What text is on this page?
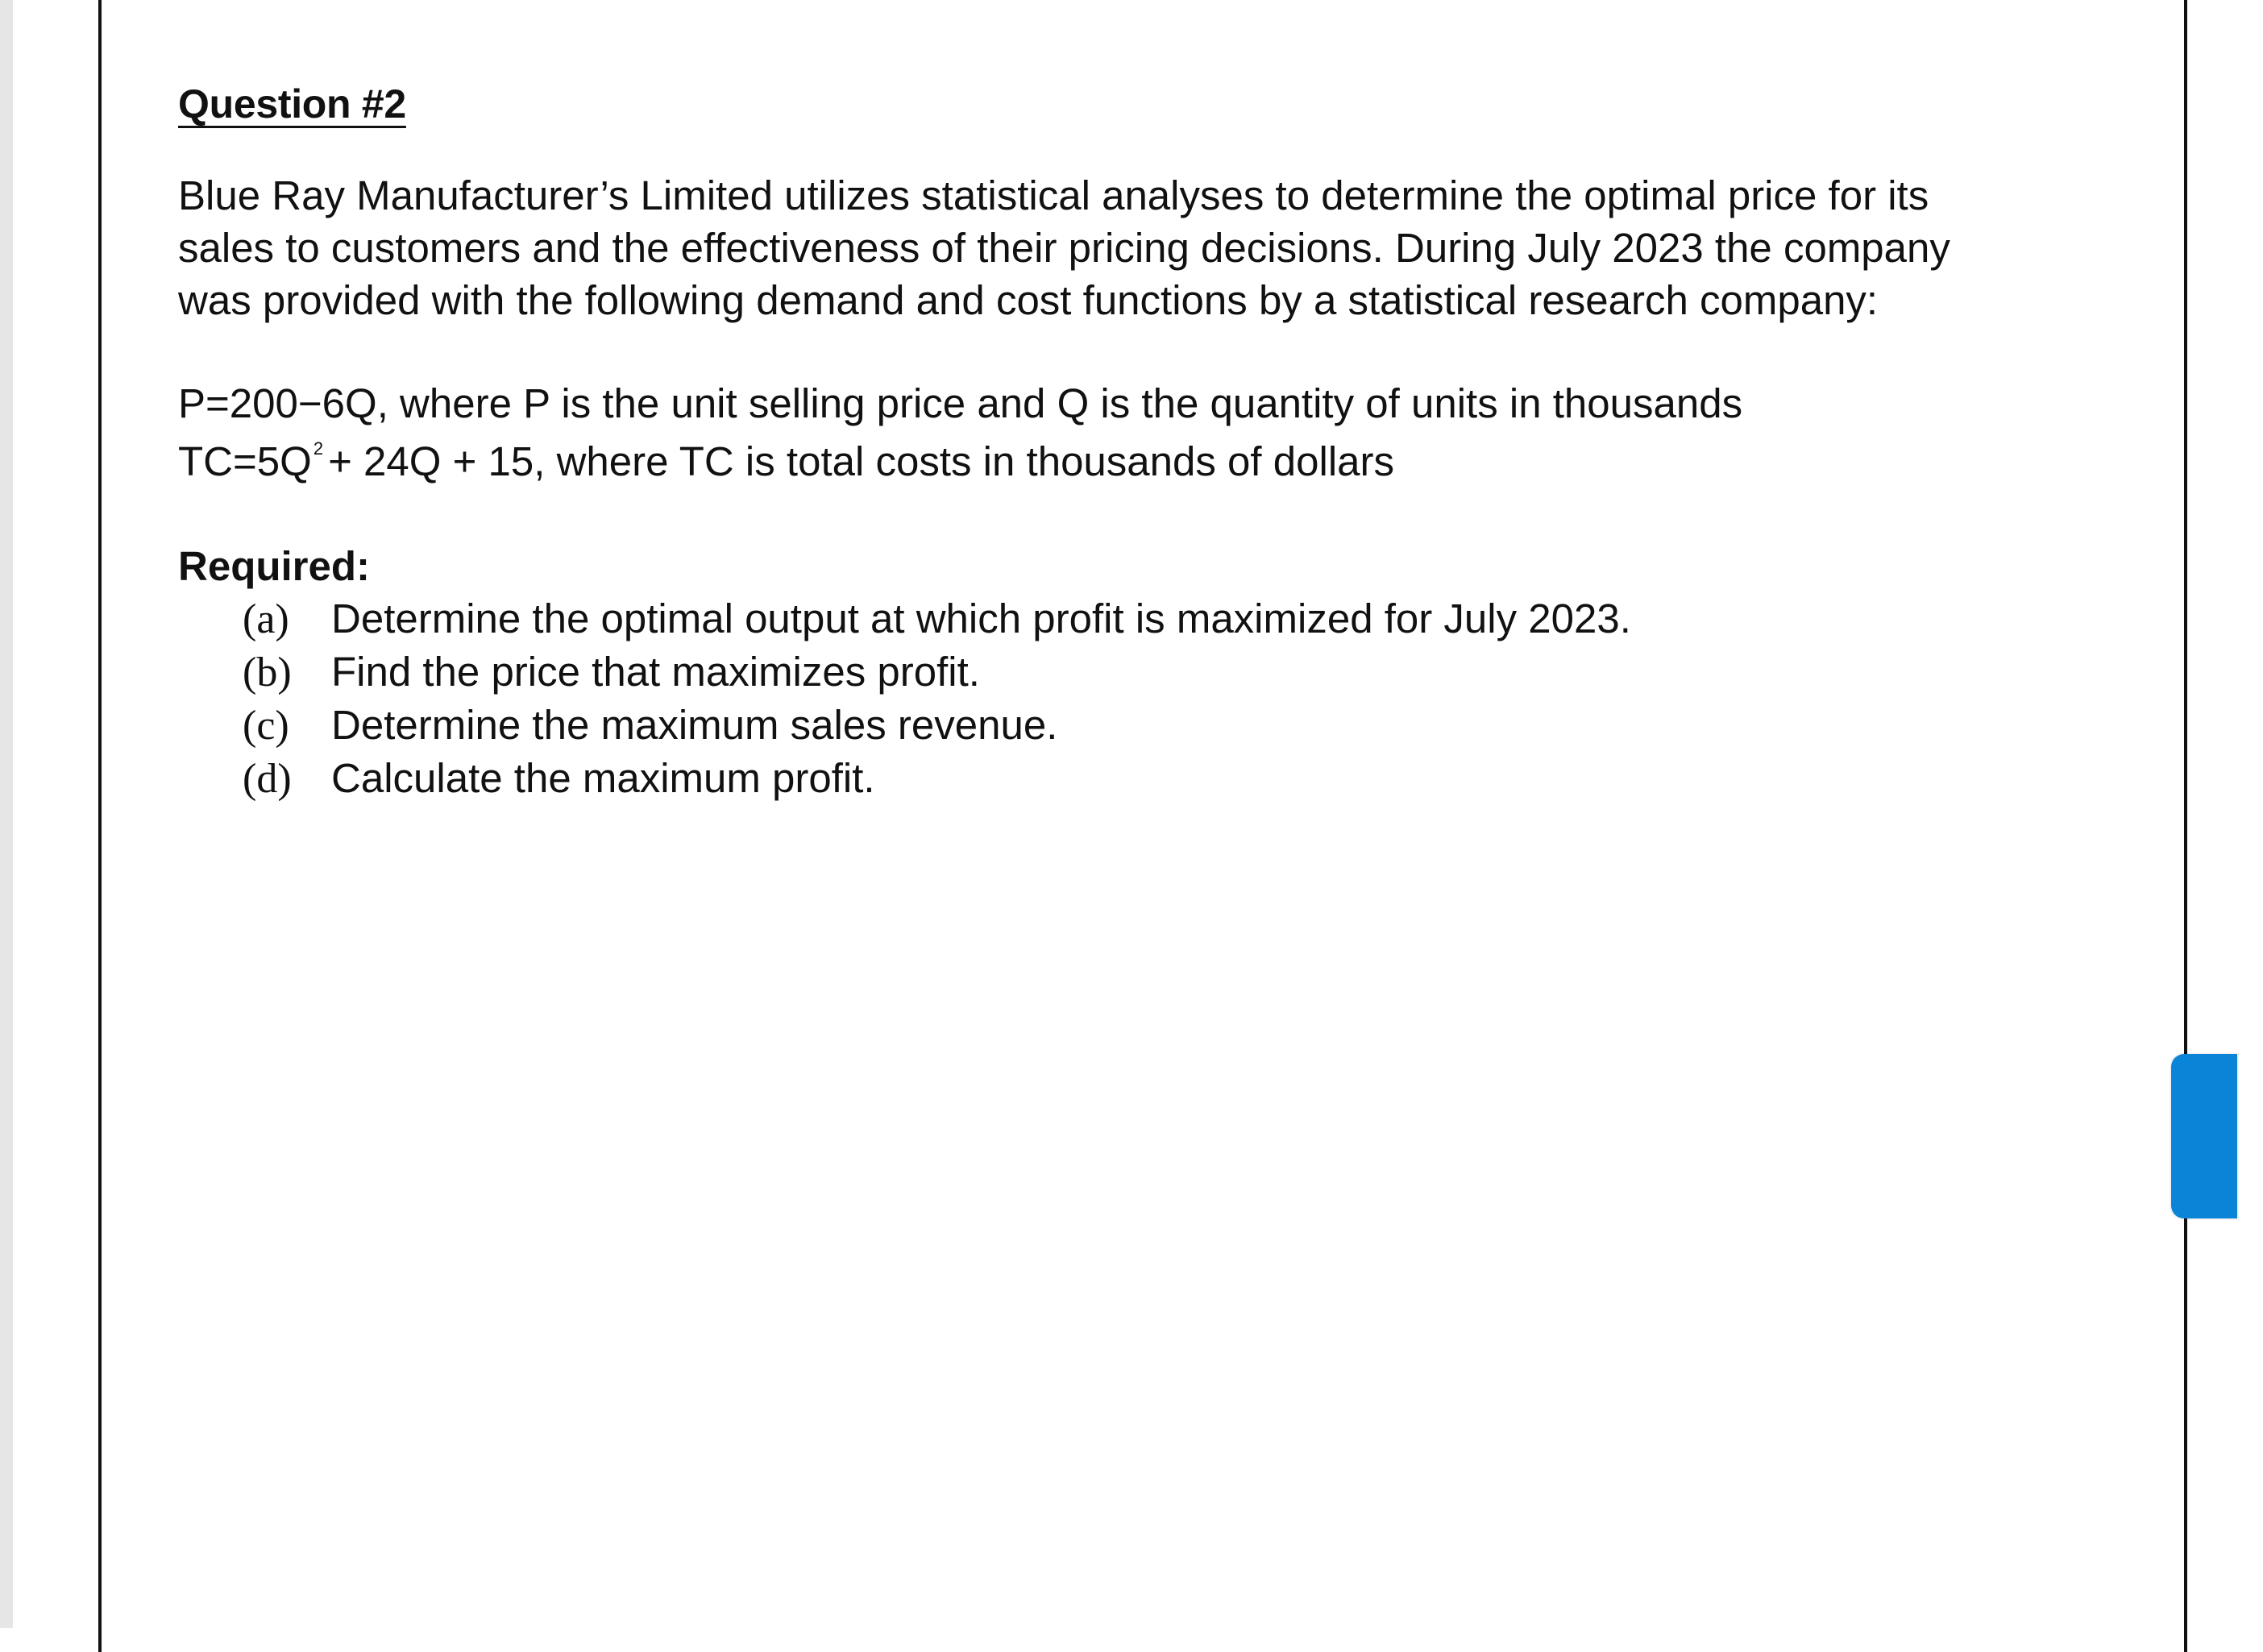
Question #2

Blue Ray Manufacturer’s Limited utilizes statistical analyses to determine the optimal price for its sales to customers and the effectiveness of their pricing decisions. During July 2023 the company was provided with the following demand and cost functions by a statistical research company:

P=200−6Q, where P is the unit selling price and Q is the quantity of units in thousands
$TC=5Q^2 + 24Q + 15$, where TC is total costs in thousands of dollars
Required:
(a) Determine the optimal output at which profit is maximized for July 2023.
(b) Find the price that maximizes profit.
(c) Determine the maximum sales revenue.
(d) Calculate the maximum profit.
